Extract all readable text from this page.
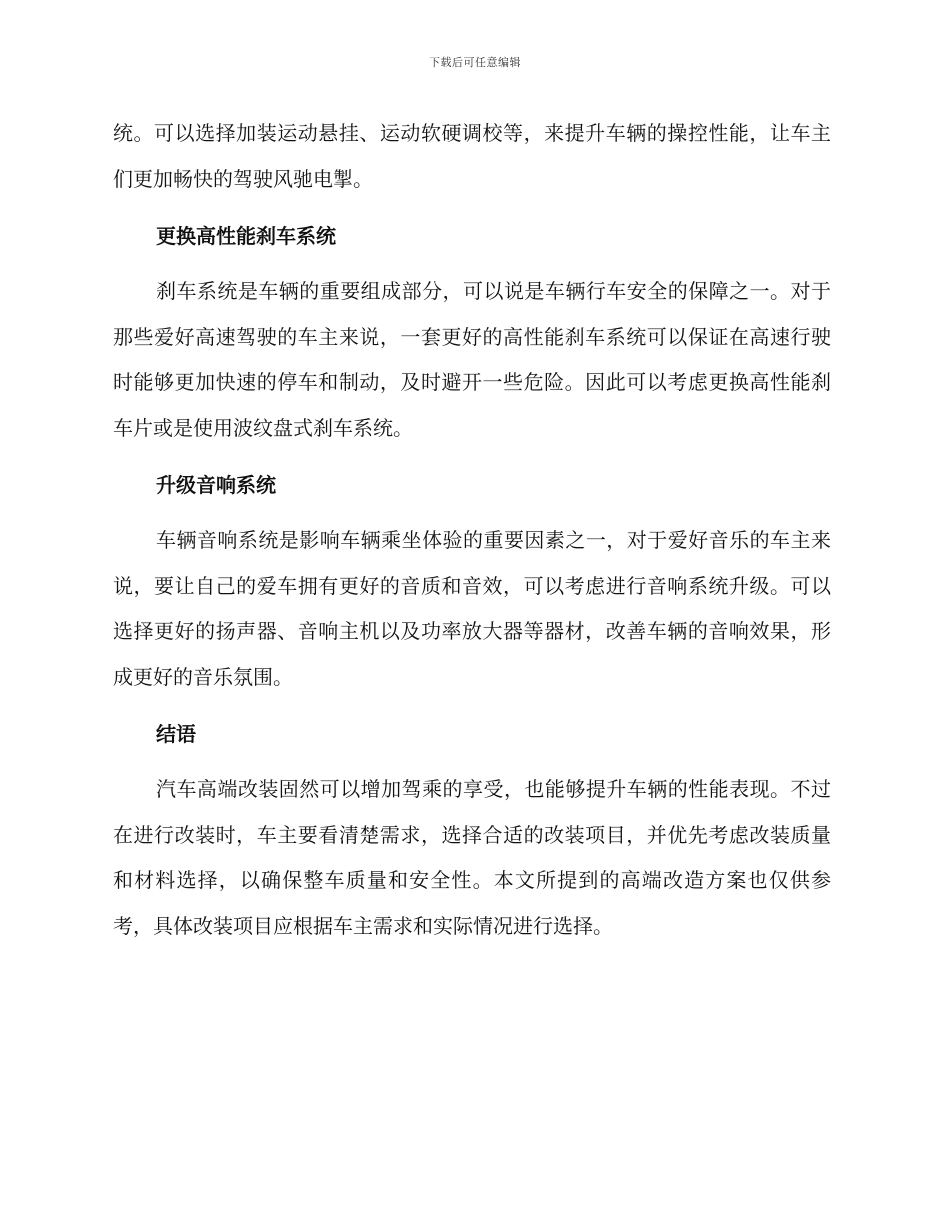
下载后可任意编辑

统。可以选择加装运动悬挂、运动软硬调校等，来提升车辆的操控性能，让车主们更加畅快的驾驶风驰电掣。

更换高性能刹车系统

刹车系统是车辆的重要组成部分，可以说是车辆行车安全的保障之一。对于那些爱好高速驾驶的车主来说，一套更好的高性能刹车系统可以保证在高速行驶时能够更加快速的停车和制动，及时避开一些危险。因此可以考虑更换高性能刹车片或是使用波纹盘式刹车系统。

升级音响系统

车辆音响系统是影响车辆乘坐体验的重要因素之一，对于爱好音乐的车主来说，要让自己的爱车拥有更好的音质和音效，可以考虑进行音响系统升级。可以选择更好的扬声器、音响主机以及功率放大器等器材，改善车辆的音响效果，形成更好的音乐氛围。

结语

汽车高端改装固然可以增加驾乘的享受，也能够提升车辆的性能表现。不过在进行改装时，车主要看清楚需求，选择合适的改装项目，并优先考虑改装质量和材料选择，以确保整车质量和安全性。本文所提到的高端改造方案也仅供参考，具体改装项目应根据车主需求和实际情况进行选择。
